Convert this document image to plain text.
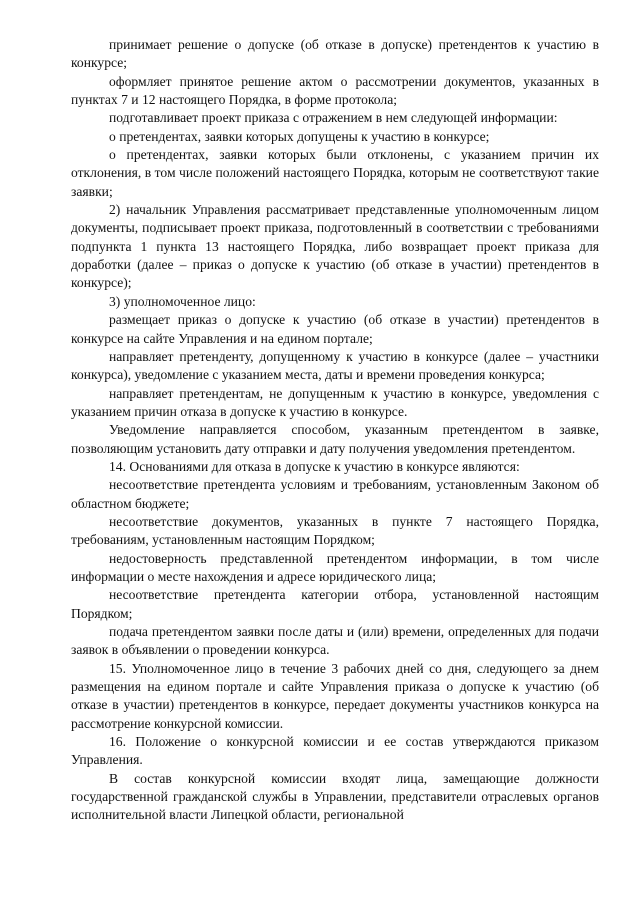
принимает решение о допуске (об отказе в допуске) претендентов к участию в конкурсе;

оформляет принятое решение актом о рассмотрении документов, указанных в пунктах 7 и 12 настоящего Порядка, в форме протокола;

подготавливает проект приказа с отражением в нем следующей информации:

о претендентах, заявки которых допущены к участию в конкурсе;

о претендентах, заявки которых были отклонены, с указанием причин их отклонения, в том числе положений настоящего Порядка, которым не соответствуют такие заявки;

2) начальник Управления рассматривает представленные уполномоченным лицом документы, подписывает проект приказа, подготовленный в соответствии с требованиями подпункта 1 пункта 13 настоящего Порядка, либо возвращает проект приказа для доработки (далее – приказ о допуске к участию (об отказе в участии) претендентов в конкурсе);

3) уполномоченное лицо:

размещает приказ о допуске к участию (об отказе в участии) претендентов в конкурсе на сайте Управления и на едином портале;

направляет претенденту, допущенному к участию в конкурсе (далее – участники конкурса), уведомление с указанием места, даты и времени проведения конкурса;

направляет претендентам, не допущенным к участию в конкурсе, уведомления с указанием причин отказа в допуске к участию в конкурсе.

Уведомление направляется способом, указанным претендентом в заявке, позволяющим установить дату отправки и дату получения уведомления претендентом.

14. Основаниями для отказа в допуске к участию в конкурсе являются:

несоответствие претендента условиям и требованиям, установленным Законом об областном бюджете;

несоответствие документов, указанных в пункте 7 настоящего Порядка, требованиям, установленным настоящим Порядком;

недостоверность представленной претендентом информации, в том числе информации о месте нахождения и адресе юридического лица;

несоответствие претендента категории отбора, установленной настоящим Порядком;

подача претендентом заявки после даты и (или) времени, определенных для подачи заявок в объявлении о проведении конкурса.

15. Уполномоченное лицо в течение 3 рабочих дней со дня, следующего за днем размещения на едином портале и сайте Управления приказа о допуске к участию (об отказе в участии) претендентов в конкурсе, передает документы участников конкурса на рассмотрение конкурсной комиссии.

16. Положение о конкурсной комиссии и ее состав утверждаются приказом Управления.

В состав конкурсной комиссии входят лица, замещающие должности государственной гражданской службы в Управлении, представители отраслевых органов исполнительной власти Липецкой области, региональной
